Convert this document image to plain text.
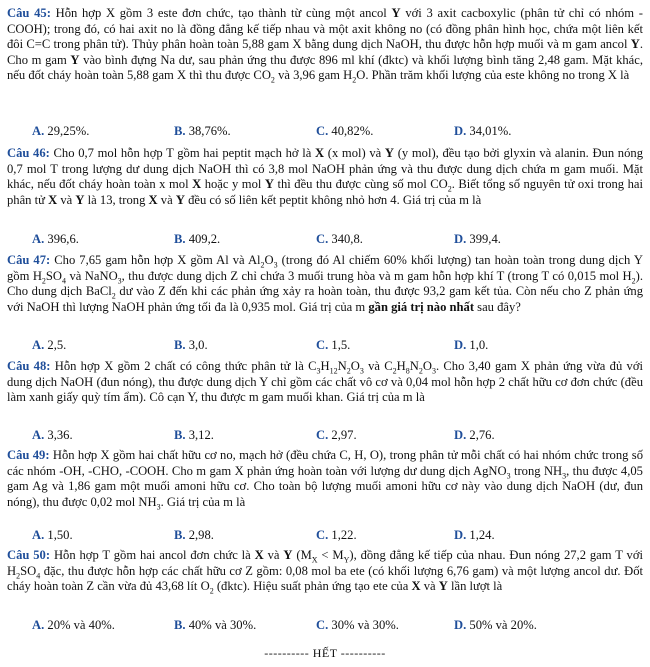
Câu 45: Hỗn hợp X gồm 3 este đơn chức, tạo thành từ cùng một ancol Y với 3 axit cacboxylic (phân tử chỉ có nhóm -COOH); trong đó, có hai axit no là đồng đẳng kế tiếp nhau và một axit không no (có đồng phân hình học, chứa một liên kết đôi C=C trong phân tử). Thủy phân hoàn toàn 5,88 gam X bằng dung dịch NaOH, thu được hỗn hợp muối và m gam ancol Y. Cho m gam Y vào bình đựng Na dư, sau phản ứng thu được 896 ml khí (đktc) và khối lượng bình tăng 2,48 gam. Mặt khác, nếu đốt cháy hoàn toàn 5,88 gam X thì thu được $CO_2$ và 3,96 gam $H_2O$. Phần trăm khối lượng của este không no trong X là
A. 29,25%.	B. 38,76%.	C. 40,82%.	D. 34,01%.
Câu 46: Cho 0,7 mol hỗn hợp T gồm hai peptit mạch hở là X (x mol) và Y (y mol), đều tạo bởi glyxin và alanin. Đun nóng 0,7 mol T trong lượng dư dung dịch NaOH thì có 3,8 mol NaOH phản ứng và thu được dung dịch chứa m gam muối. Mặt khác, nếu đốt cháy hoàn toàn x mol X hoặc y mol Y thì đều thu được cùng số mol $CO_2$. Biết tổng số nguyên tử oxi trong hai phân tử X và Y là 13, trong X và Y đều có số liên kết peptit không nhỏ hơn 4. Giá trị của m là
A. 396,6.	B. 409,2.	C. 340,8.	D. 399,4.
Câu 47: Cho 7,65 gam hỗn hợp X gồm Al và $Al_2O_3$ (trong đó Al chiếm 60% khối lượng) tan hoàn toàn trong dung dịch Y gồm $H_2SO_4$ và NaNO$_3$, thu được dung dịch Z chỉ chứa 3 muối trung hòa và m gam hỗn hợp khí T (trong T có 0,015 mol $H_2$). Cho dung dịch BaCl$_2$ dư vào Z đến khi các phản ứng xảy ra hoàn toàn, thu được 93,2 gam kết tủa. Còn nếu cho Z phản ứng với NaOH thì lượng NaOH phản ứng tối đa là 0,935 mol. Giá trị của m gần giá trị nào nhất sau đây?
A. 2,5.	B. 3,0.	C. 1,5.	D. 1,0.
Câu 48: Hỗn hợp X gồm 2 chất có công thức phân tử là $C_3H_{12}N_2O_3$ và $C_2H_8N_2O_3$. Cho 3,40 gam X phản ứng vừa đủ với dung dịch NaOH (đun nóng), thu được dung dịch Y chỉ gồm các chất vô cơ và 0,04 mol hỗn hợp 2 chất hữu cơ đơn chức (đều làm xanh giấy quỳ tím ẩm). Cô cạn Y, thu được m gam muối khan. Giá trị của m là
A. 3,36.	B. 3,12.	C. 2,97.	D. 2,76.
Câu 49: Hỗn hợp X gồm hai chất hữu cơ no, mạch hở (đều chứa C, H, O), trong phân tử mỗi chất có hai nhóm chức trong số các nhóm -OH, -CHO, -COOH. Cho m gam X phản ứng hoàn toàn với lượng dư dung dịch AgNO$_3$ trong $NH_3$, thu được 4,05 gam Ag và 1,86 gam một muối amoni hữu cơ. Cho toàn bộ lượng muối amoni hữu cơ này vào dung dịch NaOH (dư, đun nóng), thu được 0,02 mol $NH_3$. Giá trị của m là
A. 1,50.	B. 2,98.	C. 1,22.	D. 1,24.
Câu 50: Hỗn hợp T gồm hai ancol đơn chức là X và Y $(M_X < M_Y)$, đồng đẳng kế tiếp của nhau. Đun nóng 27,2 gam T với $H_2SO_4$ đặc, thu được hỗn hợp các chất hữu cơ Z gồm: 0,08 mol ba ete (có khối lượng 6,76 gam) và một lượng ancol dư. Đốt cháy hoàn toàn Z cần vừa đủ 43,68 lít $O_2$ (đktc). Hiệu suất phản ứng tạo ete của X và Y lần lượt là
A. 20% và 40%.	B. 40% và 30%.	C. 30% và 30%.	D. 50% và 20%.
---------- HẾT ----------
